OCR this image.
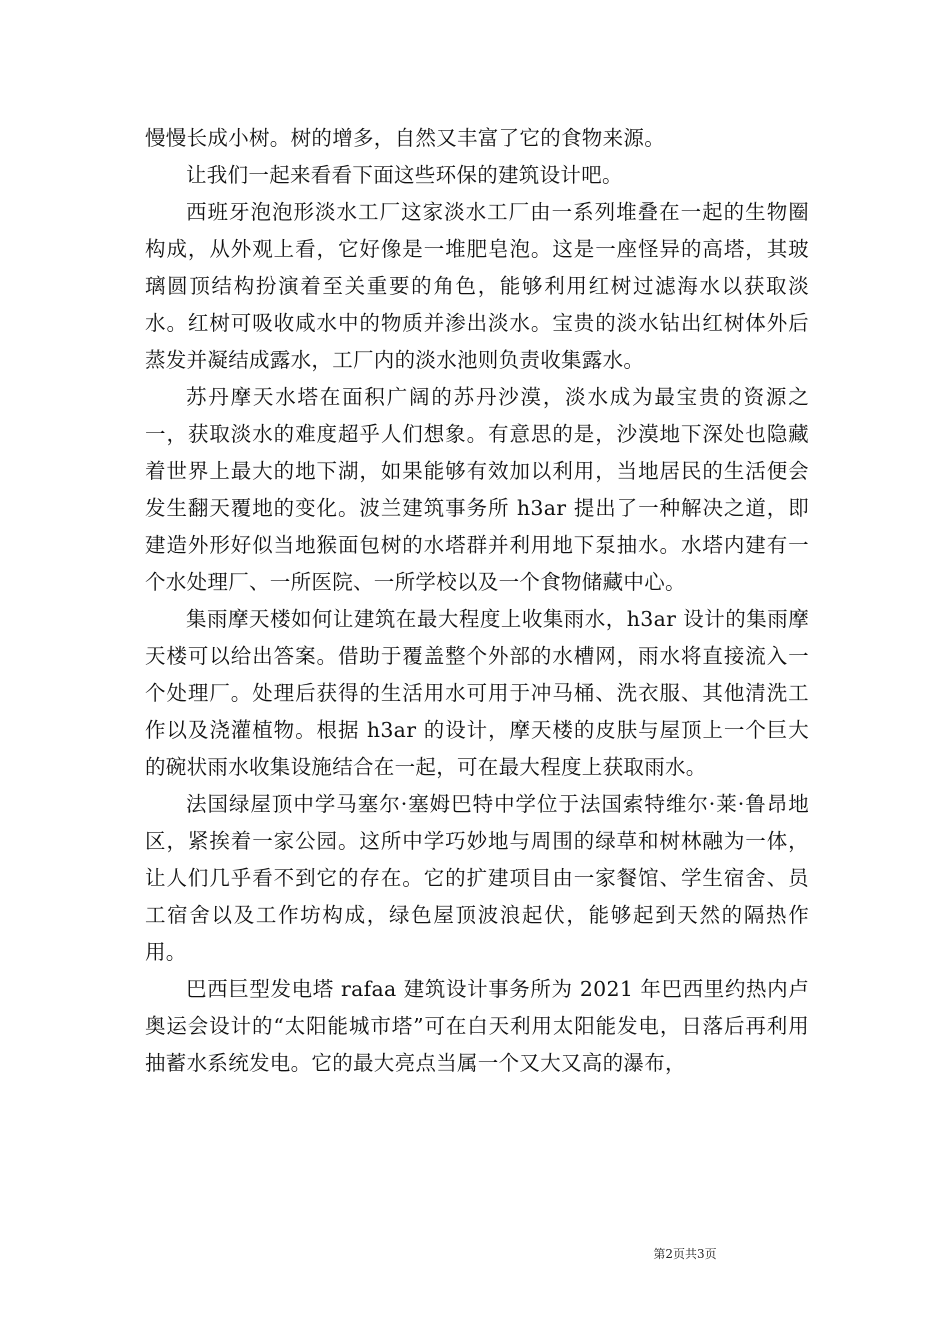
慢慢长成小树。树的增多，自然又丰富了它的食物来源。

让我们一起来看看下面这些环保的建筑设计吧。

西班牙泡泡形淡水工厂这家淡水工厂由一系列堆叠在一起的生物圈构成，从外观上看，它好像是一堆肥皂泡。这是一座怪异的高塔，其玻璃圆顶结构扮演着至关重要的角色，能够利用红树过滤海水以获取淡水。红树可吸收咸水中的物质并渗出淡水。宝贵的淡水钻出红树体外后蒸发并凝结成露水，工厂内的淡水池则负责收集露水。

苏丹摩天水塔在面积广阔的苏丹沙漠，淡水成为最宝贵的资源之一，获取淡水的难度超乎人们想象。有意思的是，沙漠地下深处也隐藏着世界上最大的地下湖，如果能够有效加以利用，当地居民的生活便会发生翻天覆地的变化。波兰建筑事务所 h3ar 提出了一种解决之道，即建造外形好似当地猴面包树的水塔群并利用地下泵抽水。水塔内建有一个水处理厂、一所医院、一所学校以及一个食物储藏中心。

集雨摩天楼如何让建筑在最大程度上收集雨水，h3ar 设计的集雨摩天楼可以给出答案。借助于覆盖整个外部的水槽网，雨水将直接流入一个处理厂。处理后获得的生活用水可用于冲马桶、洗衣服、其他清洗工作以及浇灌植物。根据 h3ar 的设计，摩天楼的皮肤与屋顶上一个巨大的碗状雨水收集设施结合在一起，可在最大程度上获取雨水。

法国绿屋顶中学马塞尔·塞姆巴特中学位于法国索特维尔·莱·鲁昂地区，紧挨着一家公园。这所中学巧妙地与周围的绿草和树林融为一体，让人们几乎看不到它的存在。它的扩建项目由一家餐馆、学生宿舍、员工宿舍以及工作坊构成，绿色屋顶波浪起伏，能够起到天然的隔热作用。

巴西巨型发电塔 rafaa 建筑设计事务所为 2021 年巴西里约热内卢奥运会设计的“太阳能城市塔”可在白天利用太阳能发电，日落后再利用抽蓄水系统发电。它的最大亮点当属一个又大又高的瀑布，

第2页共3页
